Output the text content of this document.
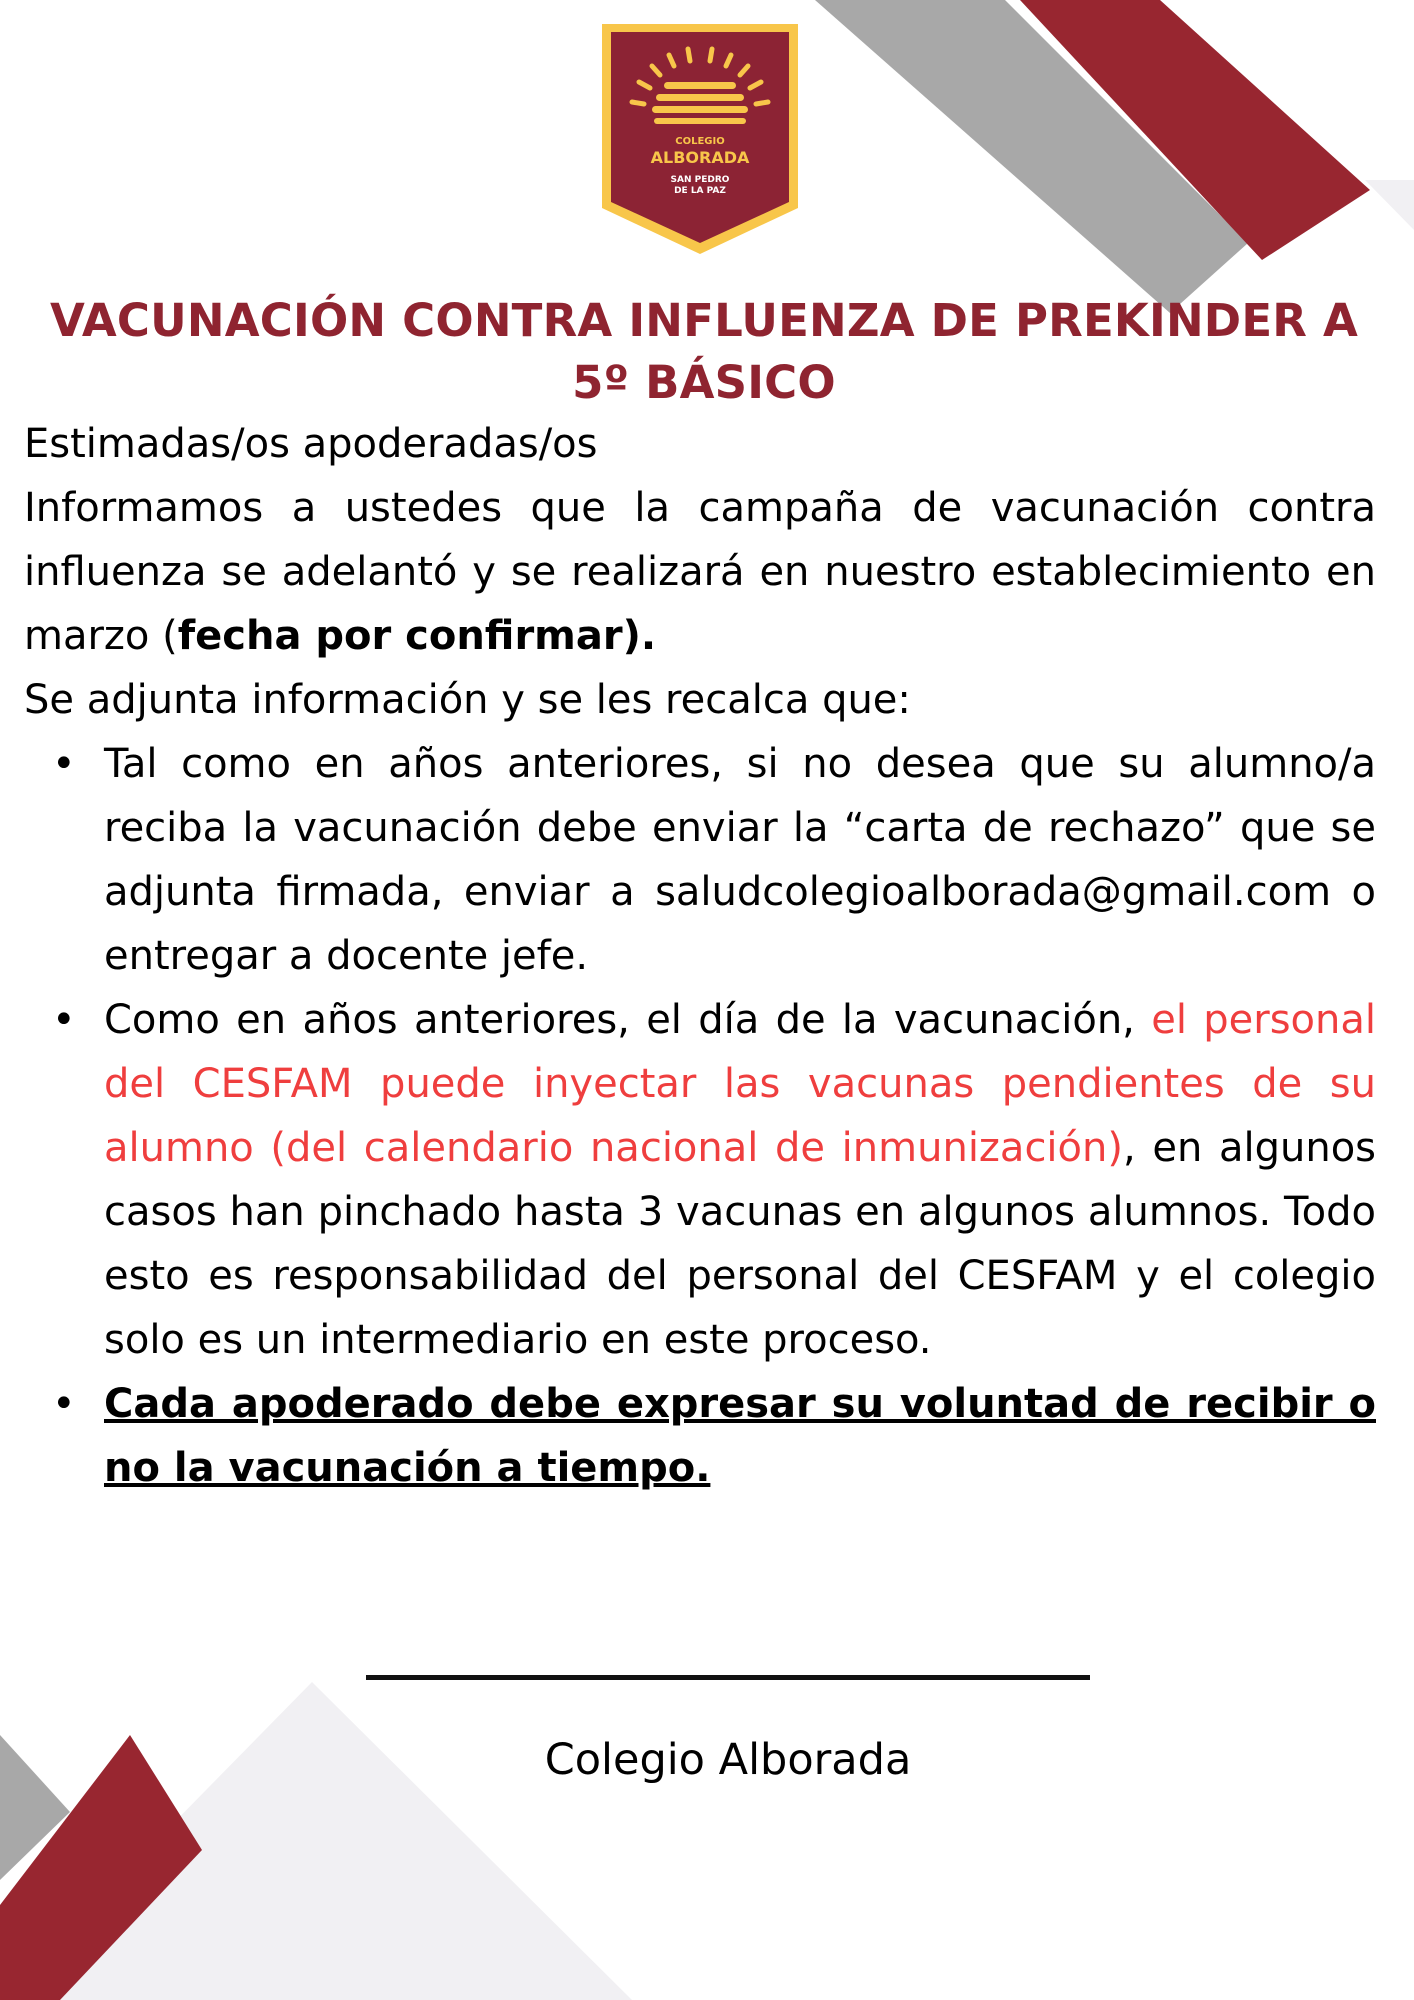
COLEGIO
ALBORADA
SAN PEDRO
DE LA PAZ
VACUNACIÓN CONTRA INFLUENZA DE PREKINDER A 5º BÁSICO

Estimadas/os apoderadas/os

Informamos a ustedes que la campaña de vacunación contra influenza se adelantó y se realizará en nuestro establecimiento en marzo (fecha por confirmar).

Se adjunta información y se les recalca que:

• Tal como en años anteriores, si no desea que su alumno/a reciba la vacunación debe enviar la “carta de rechazo” que se adjunta firmada, enviar a saludcolegioalborada@gmail.com o entregar a docente jefe.
• Como en años anteriores, el día de la vacunación, el personal del CESFAM puede inyectar las vacunas pendientes de su alumno (del calendario nacional de inmunización), en algunos casos han pinchado hasta 3 vacunas en algunos alumnos. Todo esto es responsabilidad del personal del CESFAM y el colegio solo es un intermediario en este proceso.
• Cada apoderado debe expresar su voluntad de recibir o no la vacunación a tiempo.
Colegio Alborada
